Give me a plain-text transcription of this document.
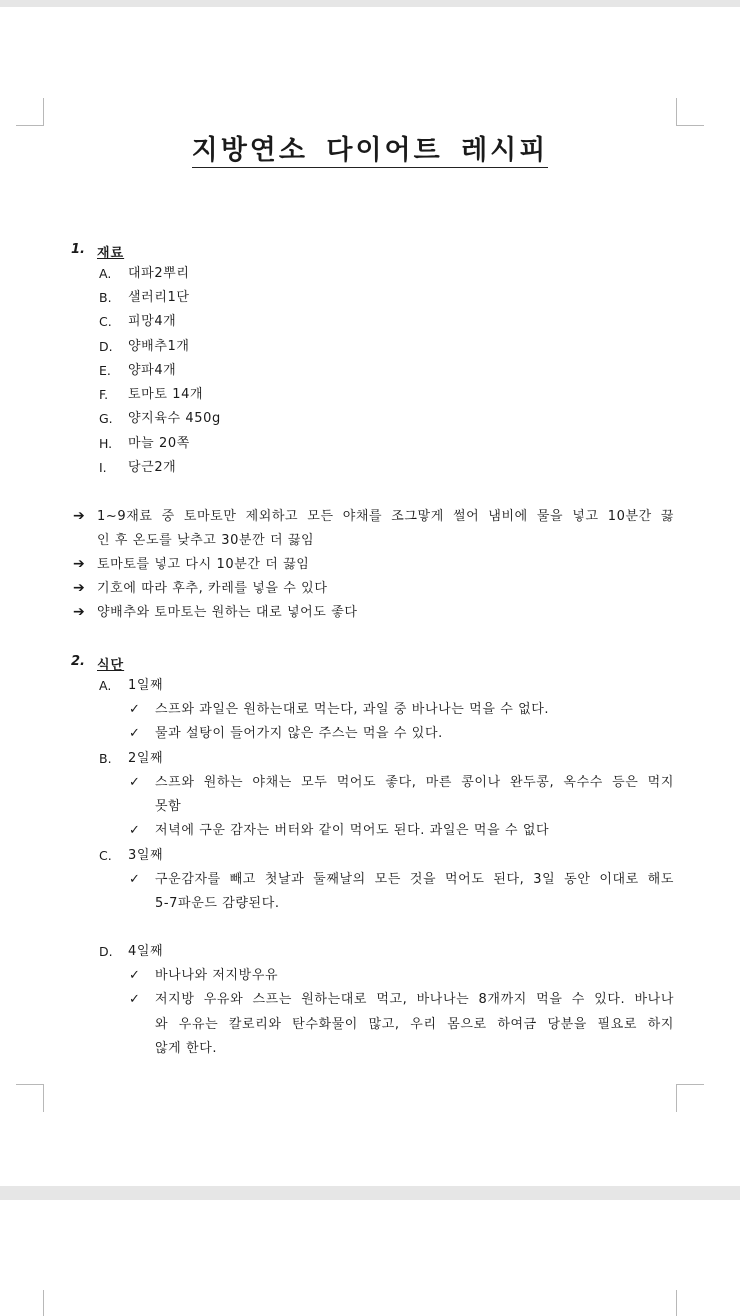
지방연소 다이어트 레시피
1. 재료
A. 대파2뿌리
B. 샐러리1단
C. 피망4개
D. 양배추1개
E. 양파4개
F. 토마토 14개
G. 양지육수 450g
H. 마늘 20쪽
I. 당근2개
➔ 1~9재료 중 토마토만 제외하고 모든 야채를 조그맣게 썰어 냄비에 물을 넣고 10분간 끓
인 후 온도를 낮추고 30분깐 더 끓임
➔ 토마토를 넣고 다시 10분간 더 끓임
➔ 기호에 따라 후추, 카레를 넣을 수 있다
➔ 양배추와 토마토는 원하는 대로 넣어도 좋다
2. 식단
A. 1일째
✓ 스프와 과일은 원하는대로 먹는다, 과일 중 바나나는 먹을 수 없다.
✓ 물과 설탕이 들어가지 않은 주스는 먹을 수 있다.
B. 2일째
✓ 스프와 원하는 야채는 모두 먹어도 좋다, 마른 콩이나 완두콩, 옥수수 등은 먹지
못함
✓ 저녁에 구운 감자는 버터와 같이 먹어도 된다. 과일은 먹을 수 없다
C. 3일째
✓ 구운감자를 빼고 첫날과 둘째날의 모든 것을 먹어도 된다, 3일 동안 이대로 해도
5-7파운드 감량된다.
D. 4일째
✓ 바나나와 저지방우유
✓ 저지방 우유와 스프는 원하는대로 먹고, 바나나는 8개까지 먹을 수 있다. 바나나
와 우유는 칼로리와 탄수화물이 많고, 우리 몸으로 하여금 당분을 필요로 하지
않게 한다.
